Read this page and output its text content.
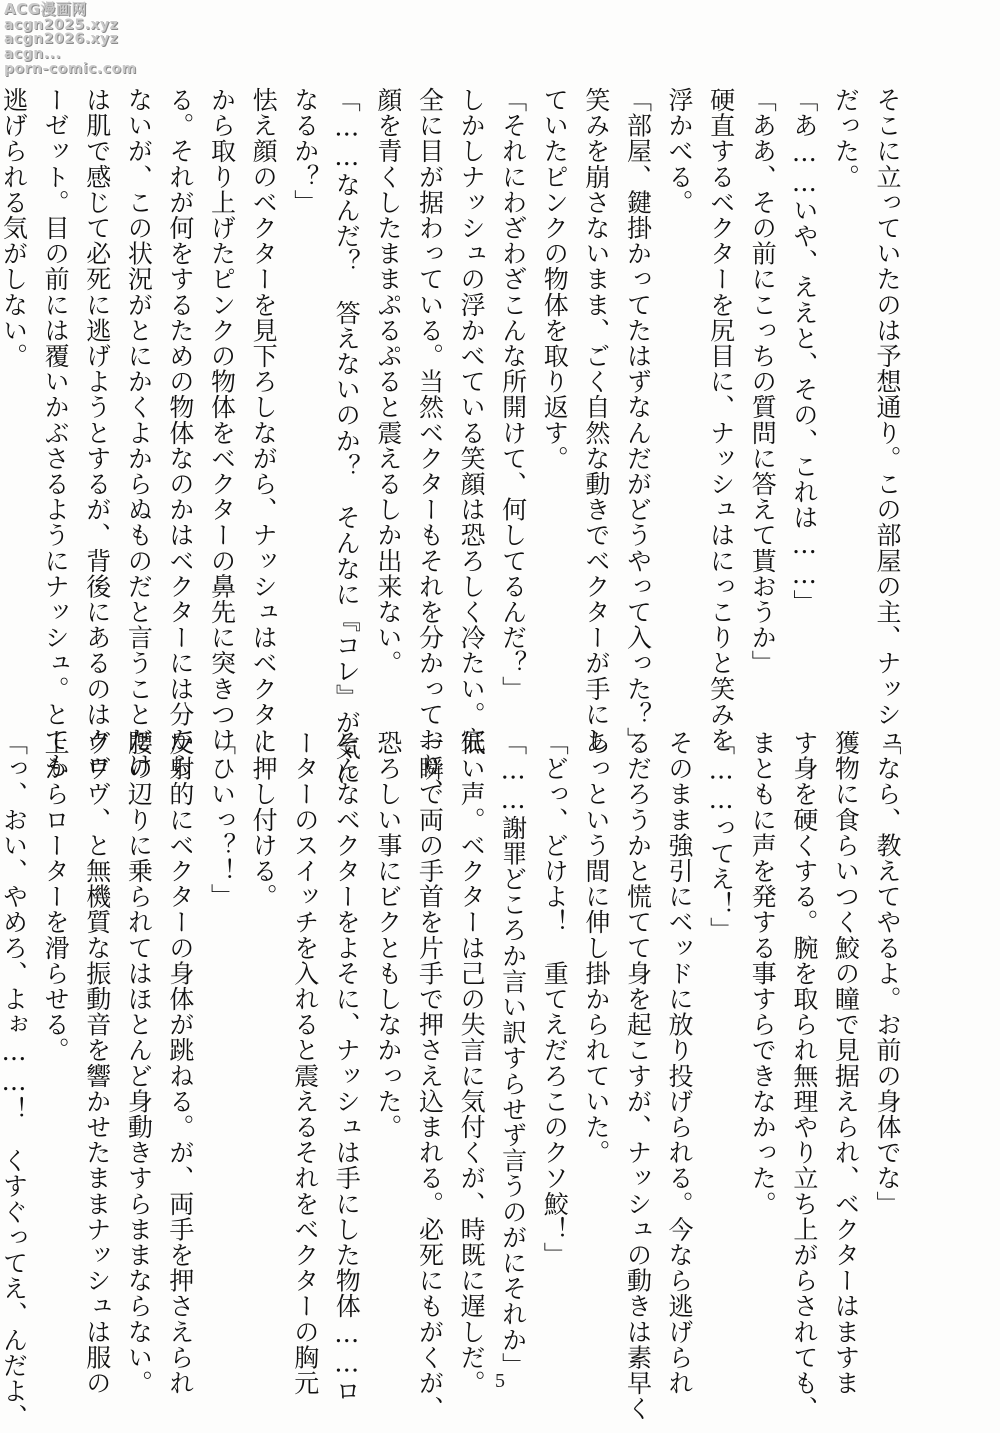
ACG漫画网
acgn2025.xyz
acgn2026.xyz
acgn...
porn-comic.com
そこに立っていたのは予想通り。この部屋の主、ナッシュ
だった。
「あ……いや、ええと、その、これは……」
「ああ、その前にこっちの質問に答えて貰おうか」
硬直するベクターを尻目に、ナッシュはにっこりと笑みを
浮かべる。
「部屋、鍵掛かってたはずなんだがどうやって入った？」
笑みを崩さないまま、ごく自然な動きでベクターが手にし
ていたピンクの物体を取り返す。
「それにわざわざこんな所開けて、何してるんだ？」
しかしナッシュの浮かべている笑顔は恐ろしく冷たい。完
全に目が据わっている。当然ベクターもそれを分かっており、
顔を青くしたままぷるぷると震えるしか出来ない。
「……なんだ？　答えないのか？　そんなに『コレ』が気に
なるか？」
怯え顔のベクターを見下ろしながら、ナッシュはベクター
から取り上げたピンクの物体をベクターの鼻先に突きつけ
る。それが何をするための物体なのかはベクターには分から
ないが、この状況がとにかくよからぬものだと言うことだけ
は肌で感じて必死に逃げようとするが、背後にあるのはクロ
ーゼット。目の前には覆いかぶさるようにナッシュ。とても
逃げられる気がしない。
「なら、教えてやるよ。お前の身体でな」
獲物に食らいつく鮫の瞳で見据えられ、ベクターはますま
す身を硬くする。腕を取られ無理やり立ち上がらされても、
まともに声を発する事すらできなかった。
「……ってえ！」
そのまま強引にベッドに放り投げられる。今なら逃げられ
るだろうかと慌てて身を起こすが、ナッシュの動きは素早く
あっという間に伸し掛かられていた。
「どっ、どけよ！　重てえだろこのクソ鮫！」
「……謝罪どころか言い訳すらせず言うのがにそれか」
低い声。ベクターは己の失言に気付くが、時既に遅しだ。
一瞬で両の手首を片手で押さえ込まれる。必死にもがくが、
恐ろしい事にビクともしなかった。
そんなベクターをよそに、ナッシュは手にした物体……ロ
ーターのスイッチを入れると震えるそれをベクターの胸元
に押し付ける。
「ひいっ？！」
反射的にベクターの身体が跳ねる。が、両手を押さえられ
腰の辺りに乗られてはほとんど身動きすらままならない。
ヴヴヴ、と無機質な振動音を響かせたままナッシュは服の
上からローターを滑らせる。
「っ、おい、やめろ、よぉ……！　くすぐってえ、んだよ、	5
